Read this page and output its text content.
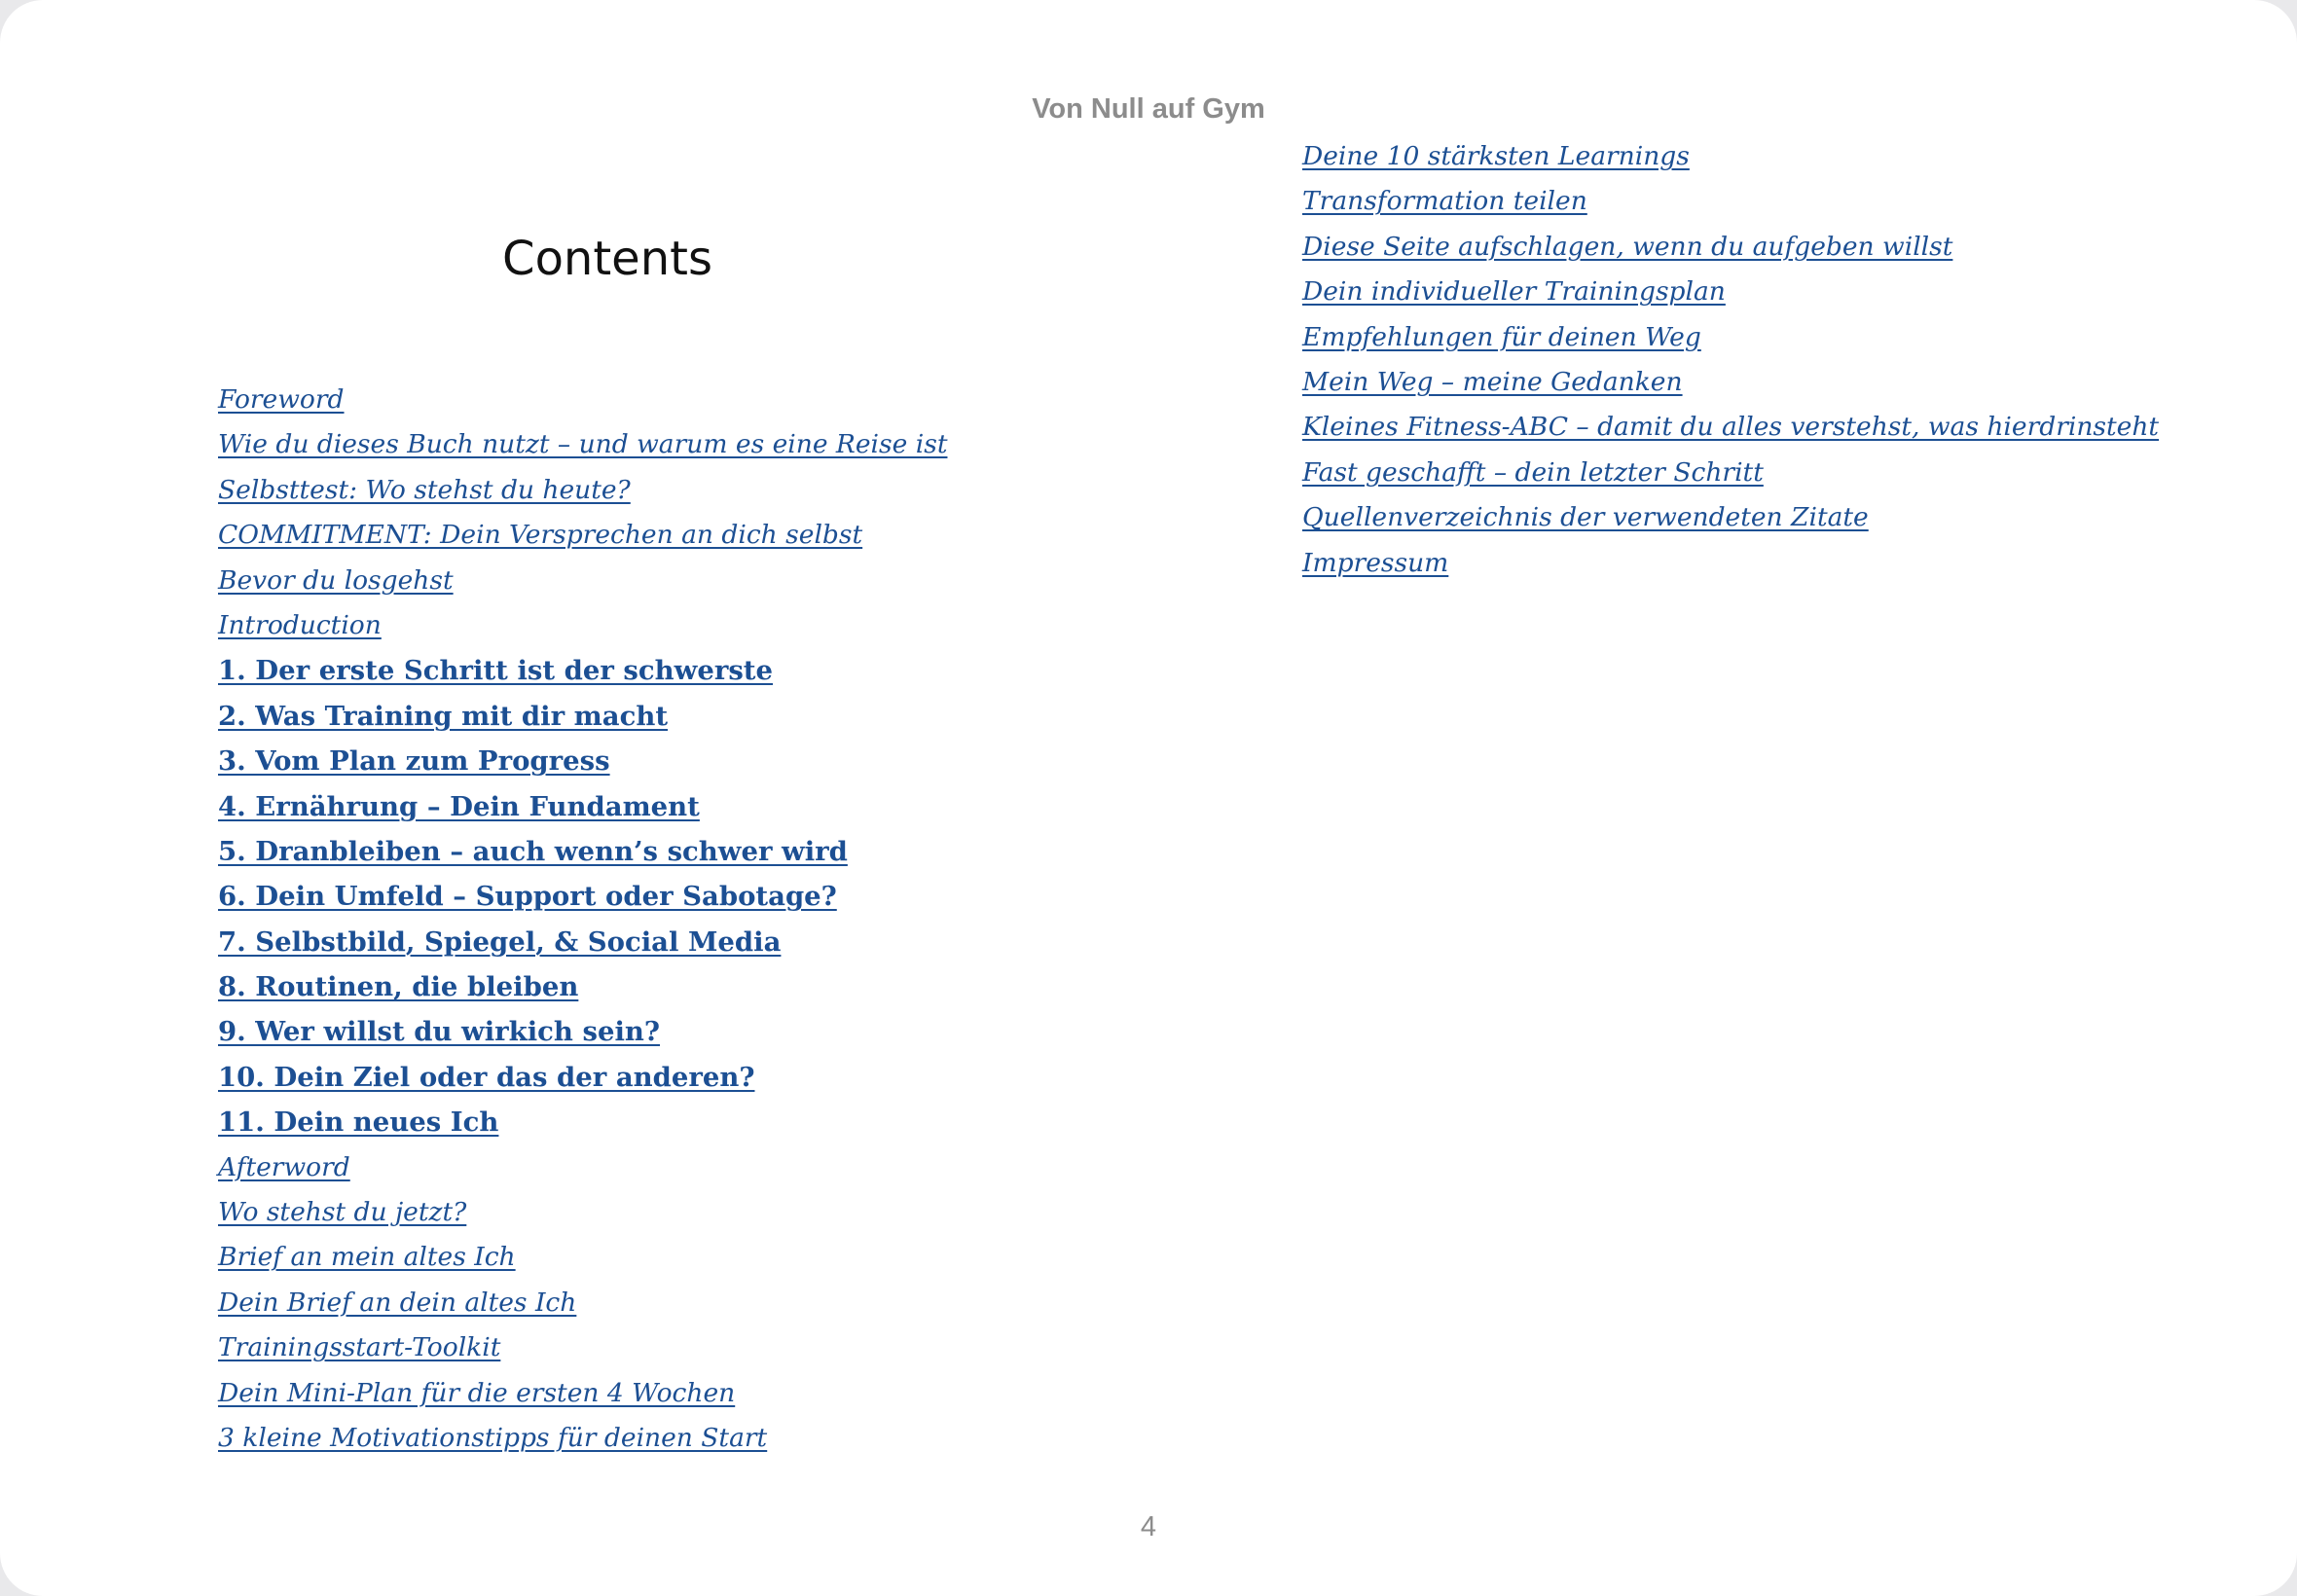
Von Null auf Gym
Contents
Foreword
Wie du dieses Buch nutzt – und warum es eine Reise ist
Selbsttest: Wo stehst du heute?
COMMITMENT: Dein Versprechen an dich selbst
Bevor du losgehst
Introduction
1. Der erste Schritt ist der schwerste
2. Was Training mit dir macht
3. Vom Plan zum Progress
4. Ernährung – Dein Fundament
5. Dranbleiben – auch wenn’s schwer wird
6. Dein Umfeld – Support oder Sabotage?
7. Selbstbild, Spiegel, & Social Media
8. Routinen, die bleiben
9. Wer willst du wirkich sein?
10. Dein Ziel oder das der anderen?
11. Dein neues Ich
Afterword
Wo stehst du jetzt?
Brief an mein altes Ich
Dein Brief an dein altes Ich
Trainingsstart-Toolkit
Dein Mini-Plan für die ersten 4 Wochen
3 kleine Motivationstipps für deinen Start
Deine 10 stärksten Learnings
Transformation teilen
Diese Seite aufschlagen, wenn du aufgeben willst
Dein individueller Trainingsplan
Empfehlungen für deinen Weg
Mein Weg – meine Gedanken
Kleines Fitness-ABC – damit du alles verstehst, was hierdrinsteht
Fast geschafft – dein letzter Schritt
Quellenverzeichnis der verwendeten Zitate
Impressum
4
